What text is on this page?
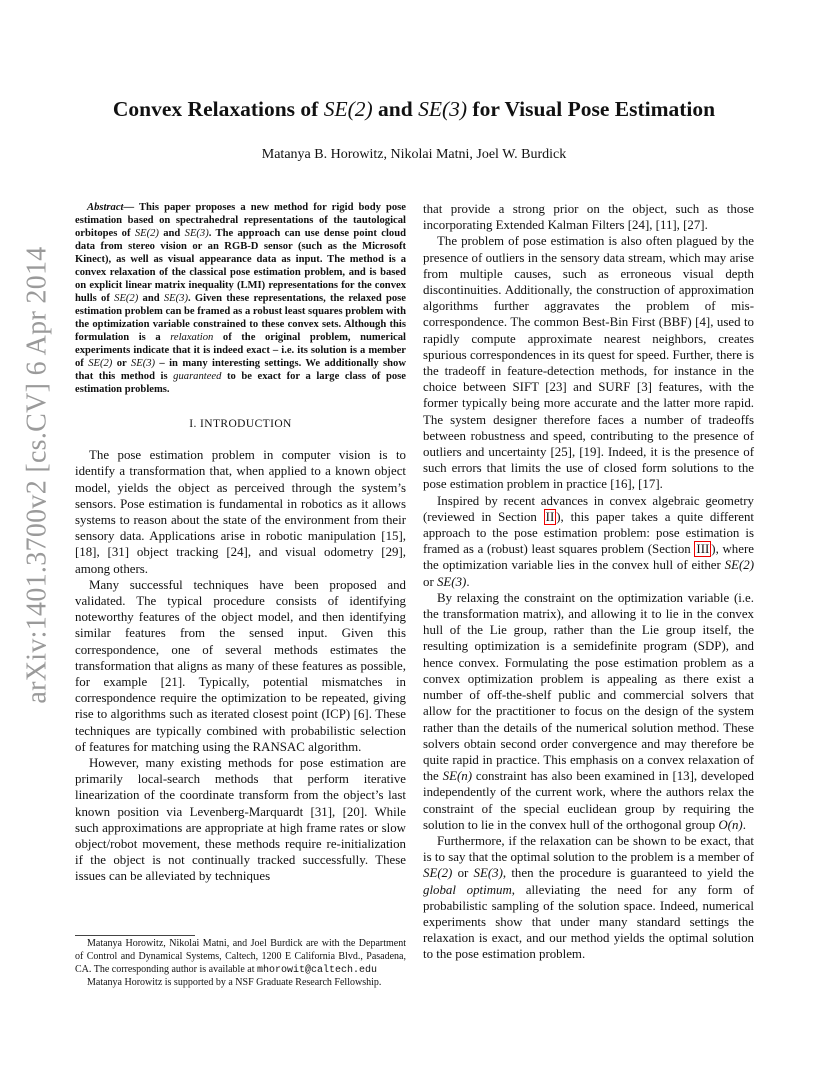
arXiv:1401.3700v2 [cs.CV] 6 Apr 2014
Convex Relaxations of SE(2) and SE(3) for Visual Pose Estimation
Matanya B. Horowitz, Nikolai Matni, Joel W. Burdick

Abstract— This paper proposes a new method for rigid body pose estimation based on spectrahedral representations of the tautological orbitopes of SE(2) and SE(3). The approach can use dense point cloud data from stereo vision or an RGB-D sensor (such as the Microsoft Kinect), as well as visual appearance data as input. The method is a convex relaxation of the classical pose estimation problem, and is based on explicit linear matrix inequality (LMI) representations for the convex hulls of SE(2) and SE(3). Given these representations, the relaxed pose estimation problem can be framed as a robust least squares problem with the optimization variable constrained to these convex sets. Although this formulation is a relaxation of the original problem, numerical experiments indicate that it is indeed exact – i.e. its solution is a member of SE(2) or SE(3) – in many interesting settings. We additionally show that this method is guaranteed to be exact for a large class of pose estimation problems.

I. INTRODUCTION

The pose estimation problem in computer vision is to identify a transformation that, when applied to a known object model, yields the object as perceived through the system’s sensors. Pose estimation is fundamental in robotics as it allows systems to reason about the state of the environment from their sensory data. Applications arise in robotic manipulation [15], [18], [31] object tracking [24], and visual odometry [29], among others.

Many successful techniques have been proposed and validated. The typical procedure consists of identifying noteworthy features of the object model, and then identifying similar features from the sensed input. Given this correspondence, one of several methods estimates the transformation that aligns as many of these features as possible, for example [21]. Typically, potential mismatches in correspondence require the optimization to be repeated, giving rise to algorithms such as iterated closest point (ICP) [6]. These techniques are typically combined with probabilistic selection of features for matching using the RANSAC algorithm.

However, many existing methods for pose estimation are primarily local-search methods that perform iterative linearization of the coordinate transform from the object’s last known position via Levenberg-Marquardt [31], [20]. While such approximations are appropriate at high frame rates or slow object/robot movement, these methods require re-initialization if the object is not continually tracked successfully. These issues can be alleviated by techniques

Matanya Horowitz, Nikolai Matni, and Joel Burdick are with the Department of Control and Dynamical Systems, Caltech, 1200 E California Blvd., Pasadena, CA. The corresponding author is available at mhorowit@caltech.edu

Matanya Horowitz is supported by a NSF Graduate Research Fellowship.

that provide a strong prior on the object, such as those incorporating Extended Kalman Filters [24], [11], [27].

The problem of pose estimation is also often plagued by the presence of outliers in the sensory data stream, which may arise from multiple causes, such as erroneous visual depth discontinuities. Additionally, the construction of approximation algorithms further aggravates the problem of mis-correspondence. The common Best-Bin First (BBF) [4], used to rapidly compute approximate nearest neighbors, creates spurious correspondences in its quest for speed. Further, there is the tradeoff in feature-detection methods, for instance in the choice between SIFT [23] and SURF [3] features, with the former typically being more accurate and the latter more rapid. The system designer therefore faces a number of tradeoffs between robustness and speed, contributing to the presence of outliers and uncertainty [25], [19]. Indeed, it is the presence of such errors that limits the use of closed form solutions to the pose estimation problem in practice [16], [17].

Inspired by recent advances in convex algebraic geometry (reviewed in Section II ), this paper takes a quite different approach to the pose estimation problem: pose estimation is framed as a (robust) least squares problem (Section III ), where the optimization variable lies in the convex hull of either SE(2) or SE(3).

By relaxing the constraint on the optimization variable (i.e. the transformation matrix), and allowing it to lie in the convex hull of the Lie group, rather than the Lie group itself, the resulting optimization is a semidefinite program (SDP), and hence convex. Formulating the pose estimation problem as a convex optimization problem is appealing as there exist a number of off-the-shelf public and commercial solvers that allow for the practitioner to focus on the design of the system rather than the details of the numerical solution method. These solvers obtain second order convergence and may therefore be quite rapid in practice. This emphasis on a convex relaxation of the SE(n) constraint has also been examined in [13], developed independently of the current work, where the authors relax the constraint of the special euclidean group by requiring the solution to lie in the convex hull of the orthogonal group O(n).

Furthermore, if the relaxation can be shown to be exact, that is to say that the optimal solution to the problem is a member of SE(2) or SE(3), then the procedure is guaranteed to yield the global optimum, alleviating the need for any form of probabilistic sampling of the solution space. Indeed, numerical experiments show that under many standard settings the relaxation is exact, and our method yields the optimal solution to the pose estimation problem.
